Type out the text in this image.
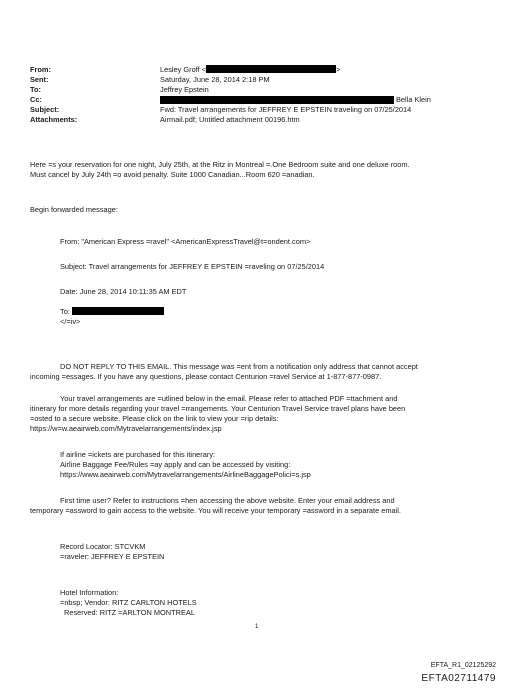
From:	Lesley Groff <	>
Sent:	Saturday, June 28, 2014 2:18 PM
To:	Jeffrey Epstein
Cc:	Bella Klein
Subject:	Fwd: Travel arrangements for JEFFREY E EPSTEIN traveling on 07/25/2014
Attachments:	Airmail.pdf; Untitled attachment 00196.htm
Here =s your reservation for one night, July 25th, at the Ritz in Montreal =.One Bedroom suite and one deluxe room.
Must cancel by July 24th =o avoid penalty. Suite 1000 Canadian...Room 620 =anadian.
Begin forwarded message:
From: "American Express =ravel" <AmericanExpressTravel@t=ondent.com>
Subject: Travel arrangements for JEFFREY E EPSTEIN =raveling on 07/25/2014
Date: June 28, 2014 10:11:35 AM EDT
To:
</=iv>
DO NOT REPLY TO THIS EMAIL. This message was =ent from a notification only address that cannot accept
incoming =essages. If you have any questions, please contact Centurion =ravel Service at 1-877-877-0987.
Your travel arrangements are =utlined below in the email. Please refer to attached PDF =ttachment and
itinerary for more details regarding your travel =rrangements. Your Centurion Travel Service travel plans have been
=osted to a secure website. Please click on the link to view your =rip details:
https://w=w.aeairweb.com/Mytravelarrangements/index.jsp
If airline =ickets are purchased for this itinerary:
Airline Baggage Fee/Rules =ay apply and can be accessed by visiting:
https://www.aeairweb.com/Mytravelarrangements/AirlineBaggagePolici=s.jsp
First time user? Refer to instructions =hen accessing the above website. Enter your email address and
temporary =assword to gain access to the website. You will receive your temporary =assword in a separate email.
Record Locator: STCVKM
=raveler: JEFFREY E EPSTEIN
Hotel Information:
=nbsp; Vendor: RITZ CARLTON HOTELS
Reserved: RITZ =ARLTON MONTREAL
1
EFTA_R1_02125292
EFTA02711479
